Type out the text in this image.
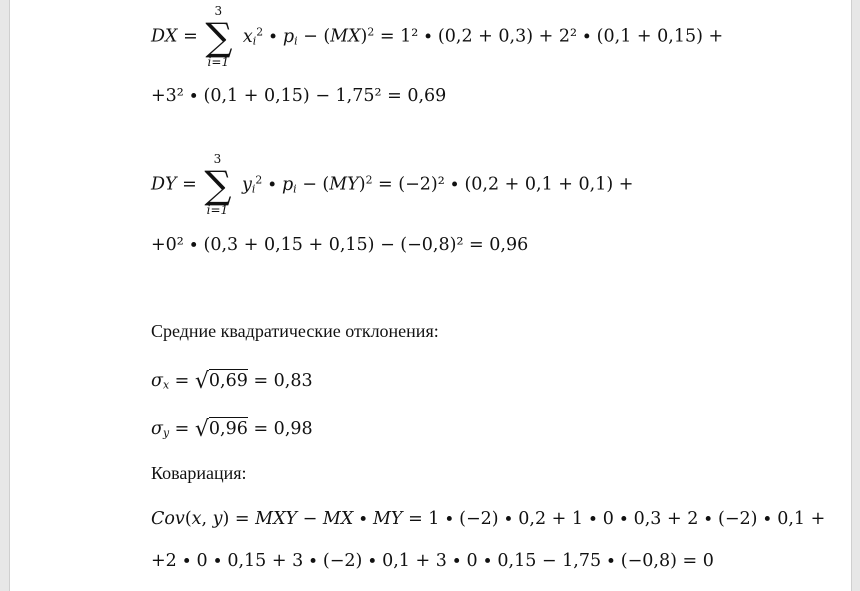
DX =
3
∑
i=1
$x_i^2 \cdot p_i - (MX)^2 = 1^2 \cdot (0,2 + 0,3) + 2^2 \cdot (0,1 + 0,15)$ +
+3² ∙ (0,1 + 0,15) − 1,75² = 0,69
DY =
3
∑
i=1
$y_i^2 \cdot p_i - (MY)^2 = (-2)^2 \cdot (0,2 + 0,1 + 0,1)$ +
+0² ∙ (0,3 + 0,15 + 0,15) − (−0,8)² = 0,96
Средние квадратические отклонения:
$\sigma_x = √0,69 = 0,83$
$\sigma_y = √0,96 = 0,98$
Ковариация:
Cov(x, y) = MXY − MX ∙ MY = 1 ∙ (−2) ∙ 0,2 + 1 ∙ 0 ∙ 0,3 + 2 ∙ (−2) ∙ 0,1 +
+2 ∙ 0 ∙ 0,15 + 3 ∙ (−2) ∙ 0,1 + 3 ∙ 0 ∙ 0,15 − 1,75 ∙ (−0,8) = 0
